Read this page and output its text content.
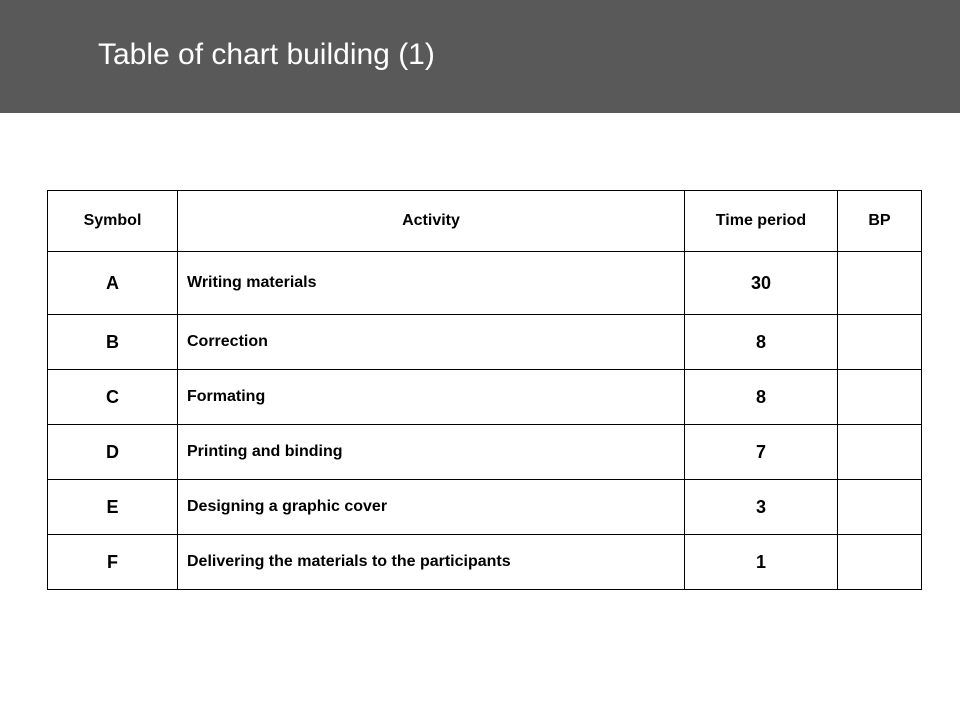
Table of chart building (1)
Symbol	Activity	Time period	BP
A	Writing materials	30	
B	Correction	8	
C	Formating	8	
D	Printing and binding	7	
E	Designing a graphic cover	3	
F	Delivering the materials to the participants	1	
